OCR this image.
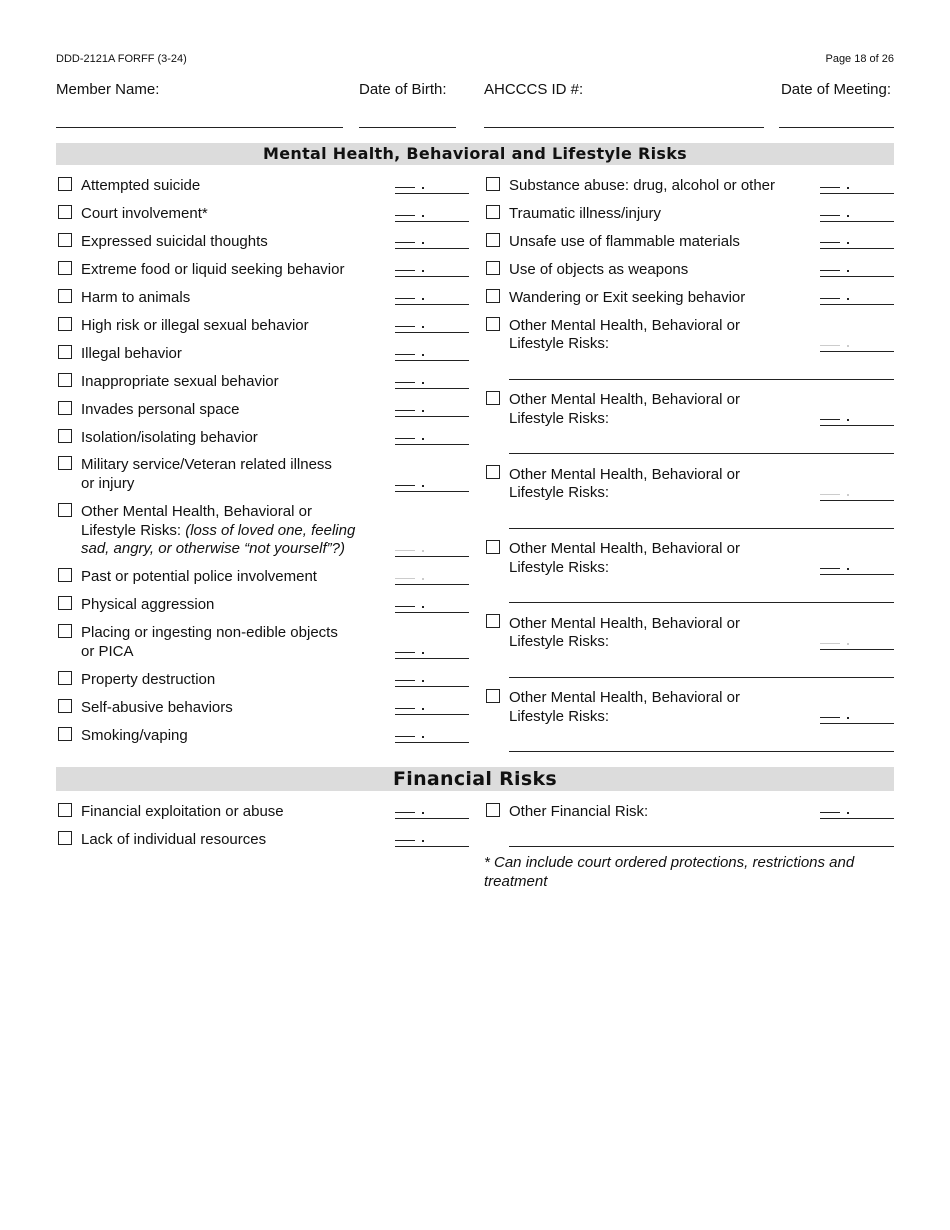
DDD-2121A FORFF (3-24)	Page 18 of 26
Member Name:	Date of Birth: AHCCCS ID #:	Date of Meeting:
Mental Health, Behavioral and Lifestyle Risks
Attempted suicide
Court involvement*
Expressed suicidal thoughts
Extreme food or liquid seeking behavior
Harm to animals
High risk or illegal sexual behavior
Illegal behavior
Inappropriate sexual behavior
Invades personal space
Isolation/isolating behavior
Military service/Veteran related illness
or injury
Other Mental Health, Behavioral or
Lifestyle Risks: (loss of loved one, feeling
sad, angry, or otherwise “not yourself”?)
Past or potential police involvement
Physical aggression
Placing or ingesting non-edible objects
or PICA
Property destruction
Self-abusive behaviors
Smoking/vaping
Substance abuse: drug, alcohol or other
Traumatic illness/injury
Unsafe use of flammable materials
Use of objects as weapons
Wandering or Exit seeking behavior
Other Mental Health, Behavioral or
Lifestyle Risks:
Other Mental Health, Behavioral or
Lifestyle Risks:
Other Mental Health, Behavioral or
Lifestyle Risks:
Other Mental Health, Behavioral or
Lifestyle Risks:
Other Mental Health, Behavioral or
Lifestyle Risks:
Other Mental Health, Behavioral or
Lifestyle Risks:
Financial Risks
Financial exploitation or abuse
Lack of individual resources
Other Financial Risk:
* Can include court ordered protections, restrictions and treatment
